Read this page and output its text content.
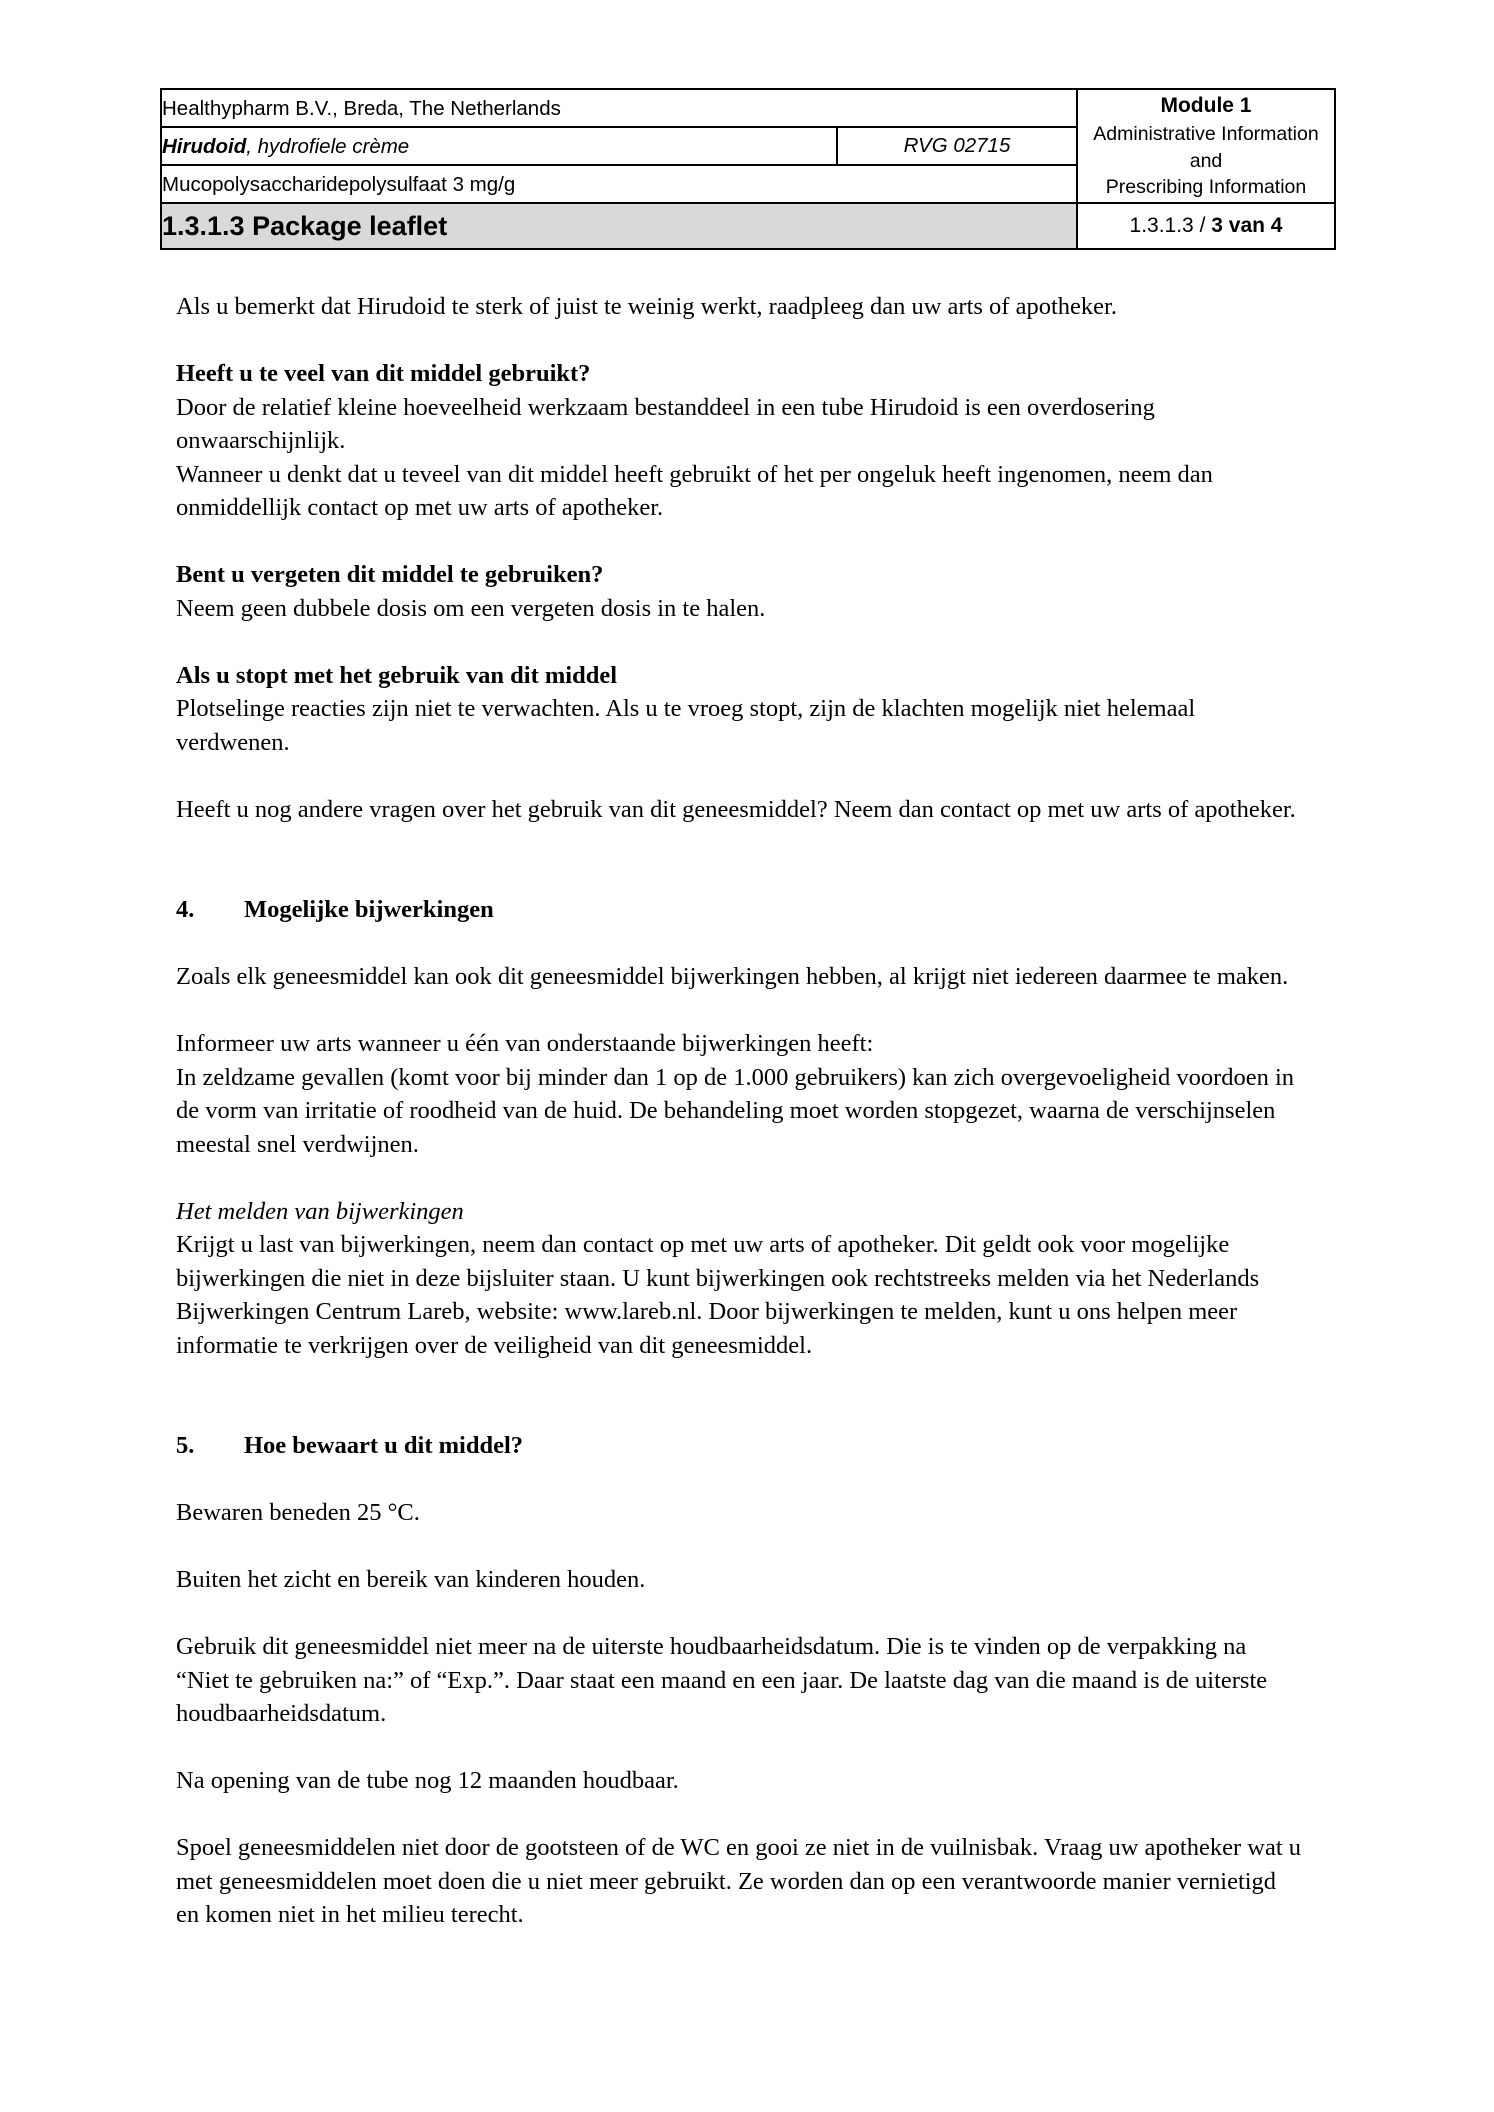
Healthypharm B.V., Breda, The Netherlands		Module 1
Administrative Information and
Prescribing Information

Hirudoid, hydrofiele crème	RVG 02715	
Mucopolysaccharidepolysulfaat 3 mg/g		
1.3.1.3 Package leaflet		1.3.1.3 / 3 van 4

Als u bemerkt dat Hirudoid te sterk of juist te weinig werkt, raadpleeg dan uw arts of apotheker.

Heeft u te veel van dit middel gebruikt?

Door de relatief kleine hoeveelheid werkzaam bestanddeel in een tube Hirudoid is een overdosering onwaarschijnlijk.

Wanneer u denkt dat u teveel van dit middel heeft gebruikt of het per ongeluk heeft ingenomen, neem dan onmiddellijk contact op met uw arts of apotheker.

Bent u vergeten dit middel te gebruiken?

Neem geen dubbele dosis om een vergeten dosis in te halen.

Als u stopt met het gebruik van dit middel

Plotselinge reacties zijn niet te verwachten. Als u te vroeg stopt, zijn de klachten mogelijk niet helemaal verdwenen.

Heeft u nog andere vragen over het gebruik van dit geneesmiddel? Neem dan contact op met uw arts of apotheker.

4. Mogelijke bijwerkingen

Zoals elk geneesmiddel kan ook dit geneesmiddel bijwerkingen hebben, al krijgt niet iedereen daarmee te maken.

Informeer uw arts wanneer u één van onderstaande bijwerkingen heeft:

In zeldzame gevallen (komt voor bij minder dan 1 op de 1.000 gebruikers) kan zich overgevoeligheid voordoen in de vorm van irritatie of roodheid van de huid. De behandeling moet worden stopgezet, waarna de verschijnselen meestal snel verdwijnen.

Het melden van bijwerkingen

Krijgt u last van bijwerkingen, neem dan contact op met uw arts of apotheker. Dit geldt ook voor mogelijke bijwerkingen die niet in deze bijsluiter staan. U kunt bijwerkingen ook rechtstreeks melden via het Nederlands Bijwerkingen Centrum Lareb, website: www.lareb.nl. Door bijwerkingen te melden, kunt u ons helpen meer informatie te verkrijgen over de veiligheid van dit geneesmiddel.

5. Hoe bewaart u dit middel?

Bewaren beneden 25 °C.

Buiten het zicht en bereik van kinderen houden.

Gebruik dit geneesmiddel niet meer na de uiterste houdbaarheidsdatum. Die is te vinden op de verpakking na “Niet te gebruiken na:” of “Exp.”. Daar staat een maand en een jaar. De laatste dag van die maand is de uiterste houdbaarheidsdatum.

Na opening van de tube nog 12 maanden houdbaar.

Spoel geneesmiddelen niet door de gootsteen of de WC en gooi ze niet in de vuilnisbak. Vraag uw apotheker wat u met geneesmiddelen moet doen die u niet meer gebruikt. Ze worden dan op een verantwoorde manier vernietigd en komen niet in het milieu terecht.
